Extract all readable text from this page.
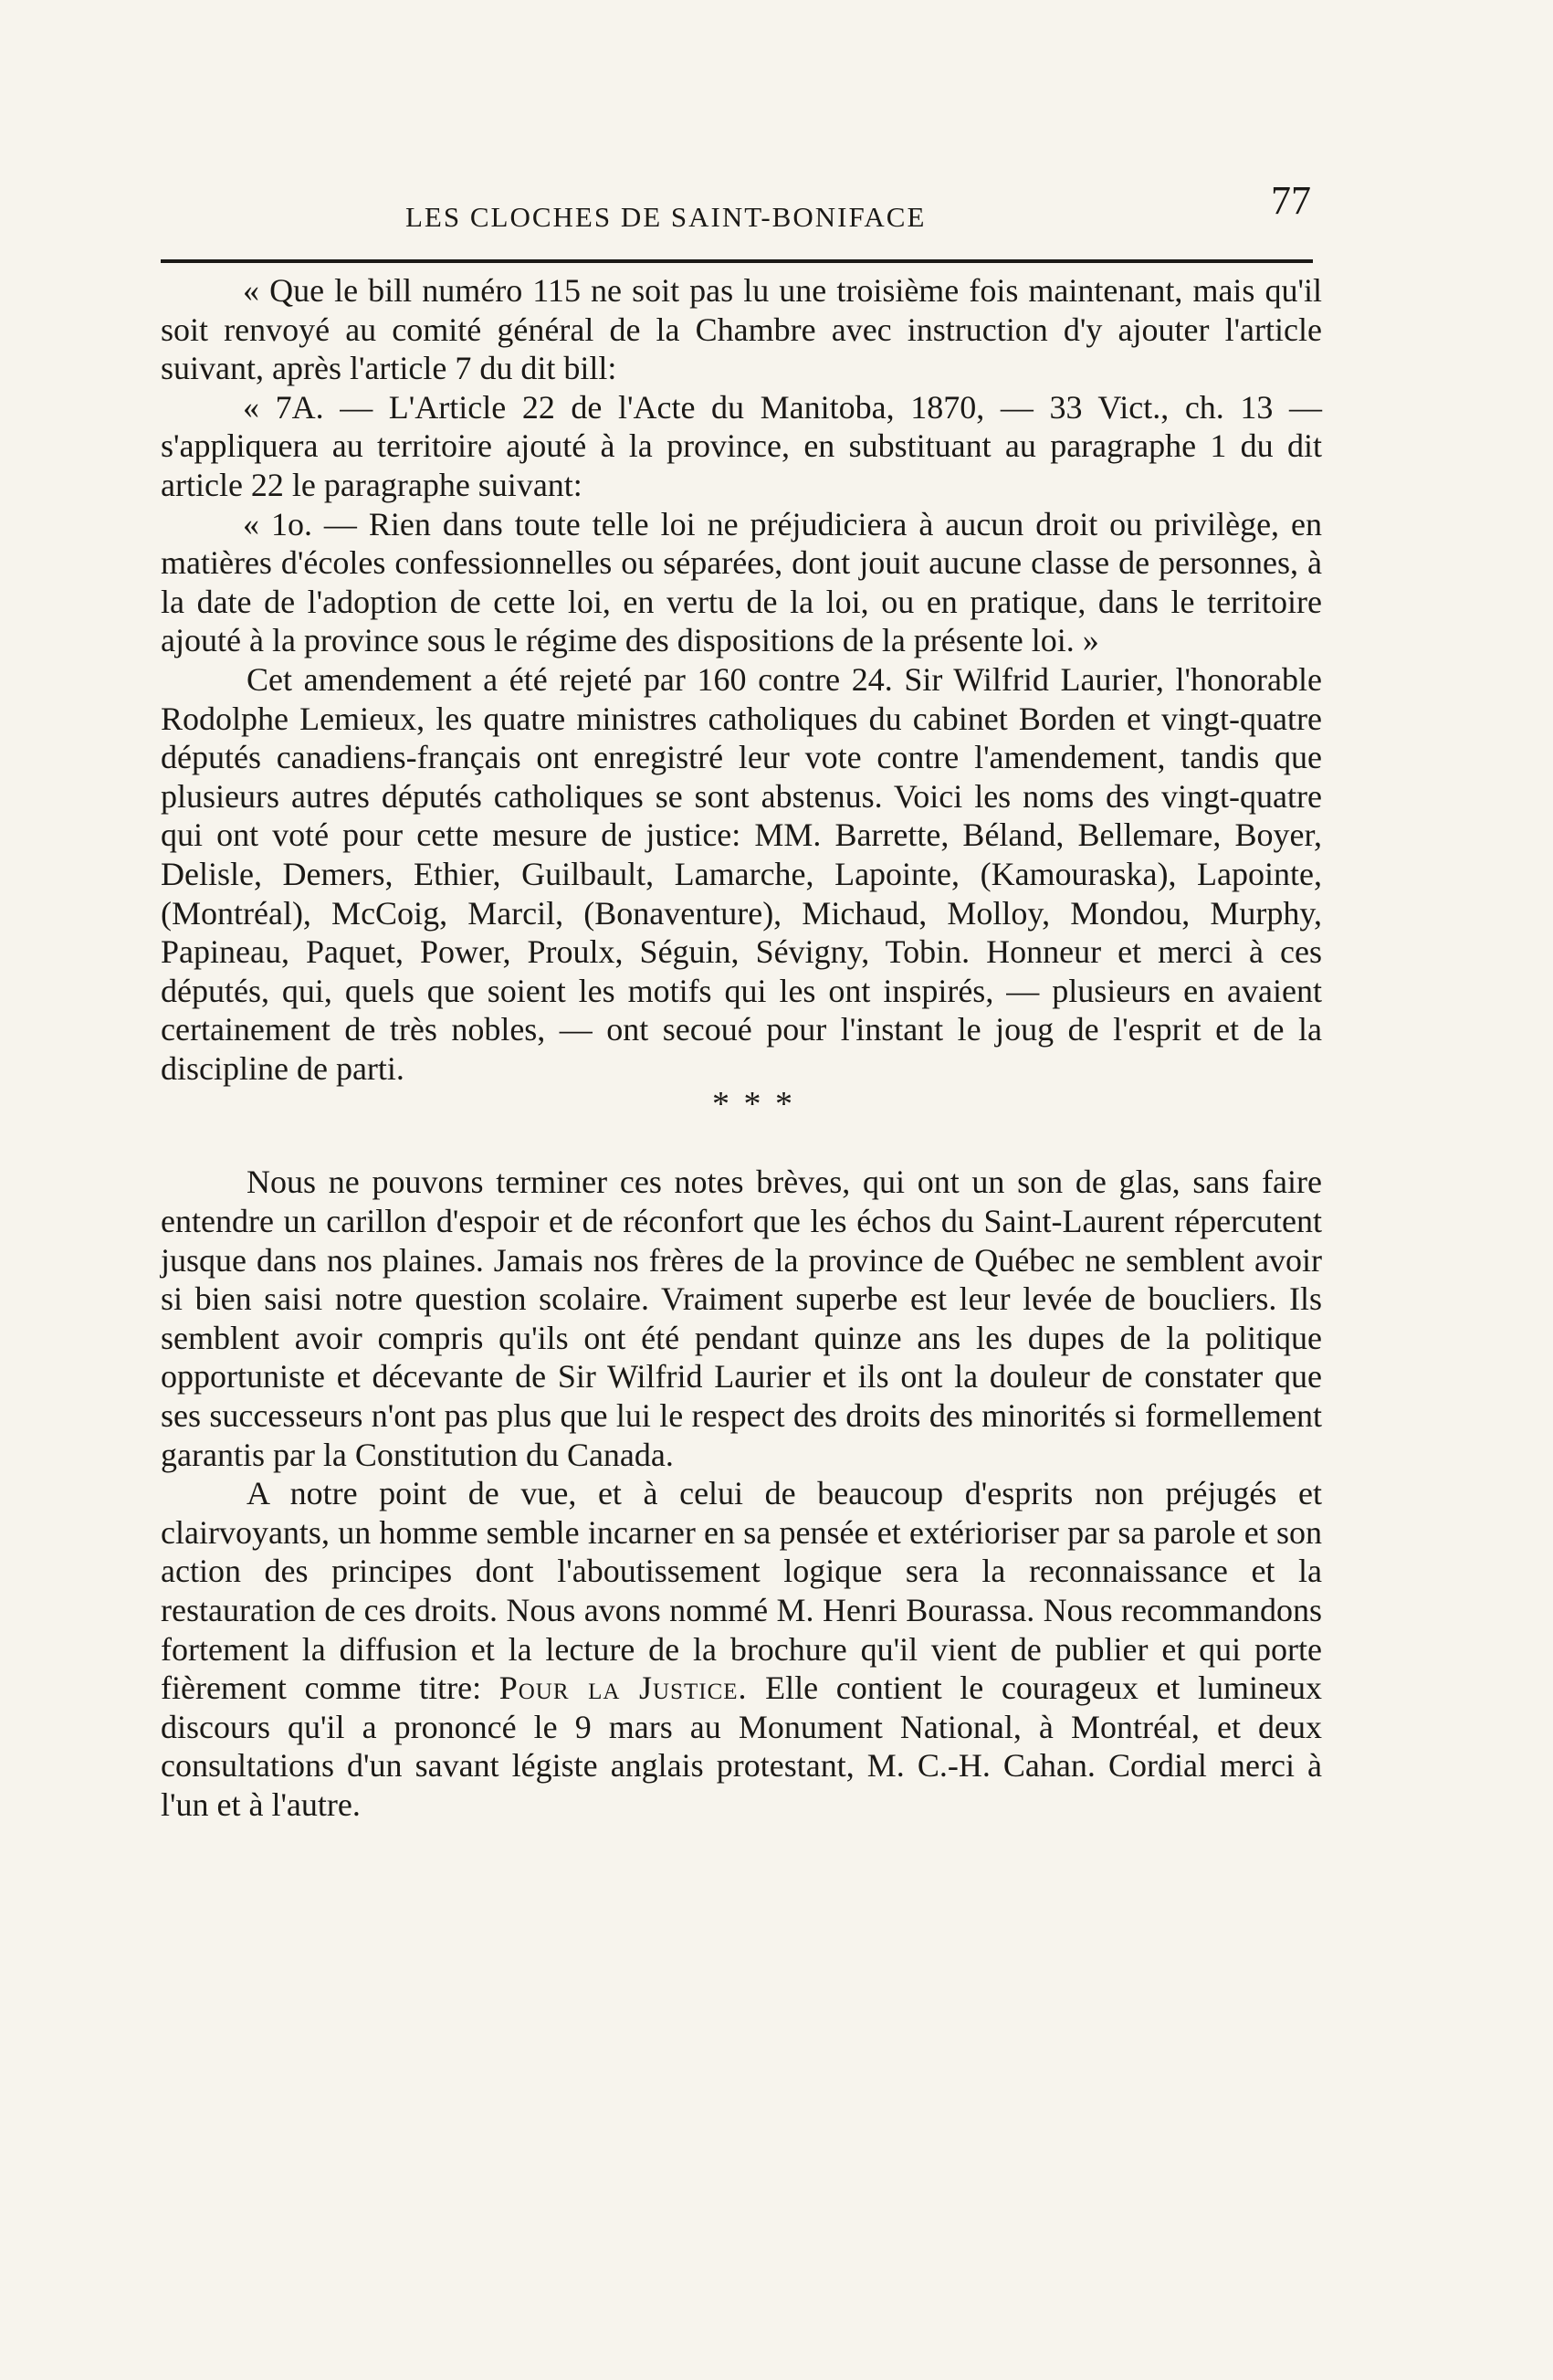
LES CLOCHES DE SAINT-BONIFACE	77

« Que le bill numéro 115 ne soit pas lu une troisième fois maintenant, mais qu'il soit renvoyé au comité général de la Chambre avec instruction d'y ajouter l'article suivant, après l'article 7 du dit bill:

« 7A. — L'Article 22 de l'Acte du Manitoba, 1870, — 33 Vict., ch. 13 — s'appliquera au territoire ajouté à la province, en substituant au paragraphe 1 du dit article 22 le paragraphe suivant:

« 1o. — Rien dans toute telle loi ne préjudiciera à aucun droit ou privilège, en matières d'écoles confessionnelles ou séparées, dont jouit aucune classe de personnes, à la date de l'adoption de cette loi, en vertu de la loi, ou en pratique, dans le territoire ajouté à la province sous le régime des dispositions de la présente loi. »

Cet amendement a été rejeté par 160 contre 24. Sir Wilfrid Laurier, l'honorable Rodolphe Lemieux, les quatre ministres catholiques du cabinet Borden et vingt-quatre députés canadiens-français ont enregistré leur vote contre l'amendement, tandis que plusieurs autres députés catholiques se sont abstenus. Voici les noms des vingt-quatre qui ont voté pour cette mesure de justice: MM. Barrette, Béland, Bellemare, Boyer, Delisle, Demers, Ethier, Guilbault, Lamarche, Lapointe, (Kamouraska), Lapointe, (Montréal), McCoig, Marcil, (Bonaventure), Michaud, Molloy, Mondou, Murphy, Papineau, Paquet, Power, Proulx, Séguin, Sévigny, Tobin. Honneur et merci à ces députés, qui, quels que soient les motifs qui les ont inspirés, — plusieurs en avaient certainement de très nobles, — ont secoué pour l'instant le joug de l'esprit et de la discipline de parti.

* * *

Nous ne pouvons terminer ces notes brèves, qui ont un son de glas, sans faire entendre un carillon d'espoir et de réconfort que les échos du Saint-Laurent répercutent jusque dans nos plaines. Jamais nos frères de la province de Québec ne semblent avoir si bien saisi notre question scolaire. Vraiment superbe est leur levée de boucliers. Ils semblent avoir compris qu'ils ont été pendant quinze ans les dupes de la politique opportuniste et décevante de Sir Wilfrid Laurier et ils ont la douleur de constater que ses successeurs n'ont pas plus que lui le respect des droits des minorités si formellement garantis par la Constitution du Canada.

A notre point de vue, et à celui de beaucoup d'esprits non préjugés et clairvoyants, un homme semble incarner en sa pensée et extérioriser par sa parole et son action des principes dont l'aboutissement logique sera la reconnaissance et la restauration de ces droits. Nous avons nommé M. Henri Bourassa. Nous recommandons fortement la diffusion et la lecture de la brochure qu'il vient de publier et qui porte fièrement comme titre: Pour la Justice. Elle contient le courageux et lumineux discours qu'il a prononcé le 9 mars au Monument National, à Montréal, et deux consultations d'un savant légiste anglais protestant, M. C.-H. Cahan. Cordial merci à l'un et à l'autre.
